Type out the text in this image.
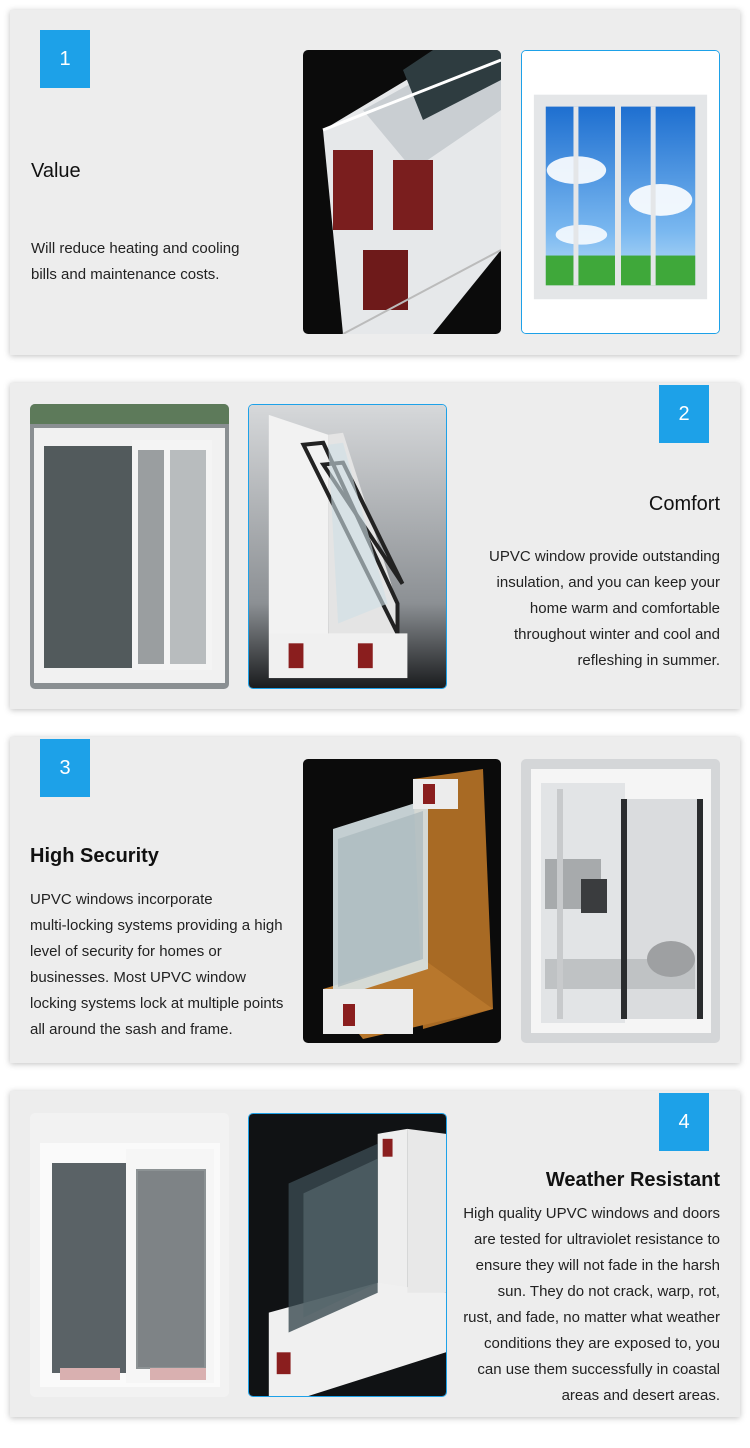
1
Value
Will reduce heating and cooling
bills and maintenance costs.
2
Comfort
UPVC window provide outstanding
insulation, and you can keep your
home warm and comfortable
throughout winter and cool and
refleshing in summer.
3
High Security
UPVC windows incorporate
multi-locking systems providing a high
level of security for homes or
businesses. Most UPVC window
locking systems lock at multiple points
all around the sash and frame.
4
Weather Resistant
High quality UPVC windows and doors
are tested for ultraviolet resistance to
ensure they will not fade in the harsh
sun. They do not crack, warp, rot,
rust, and fade, no matter what weather
conditions they are exposed to, you
can use them successfully in coastal
areas and desert areas.
